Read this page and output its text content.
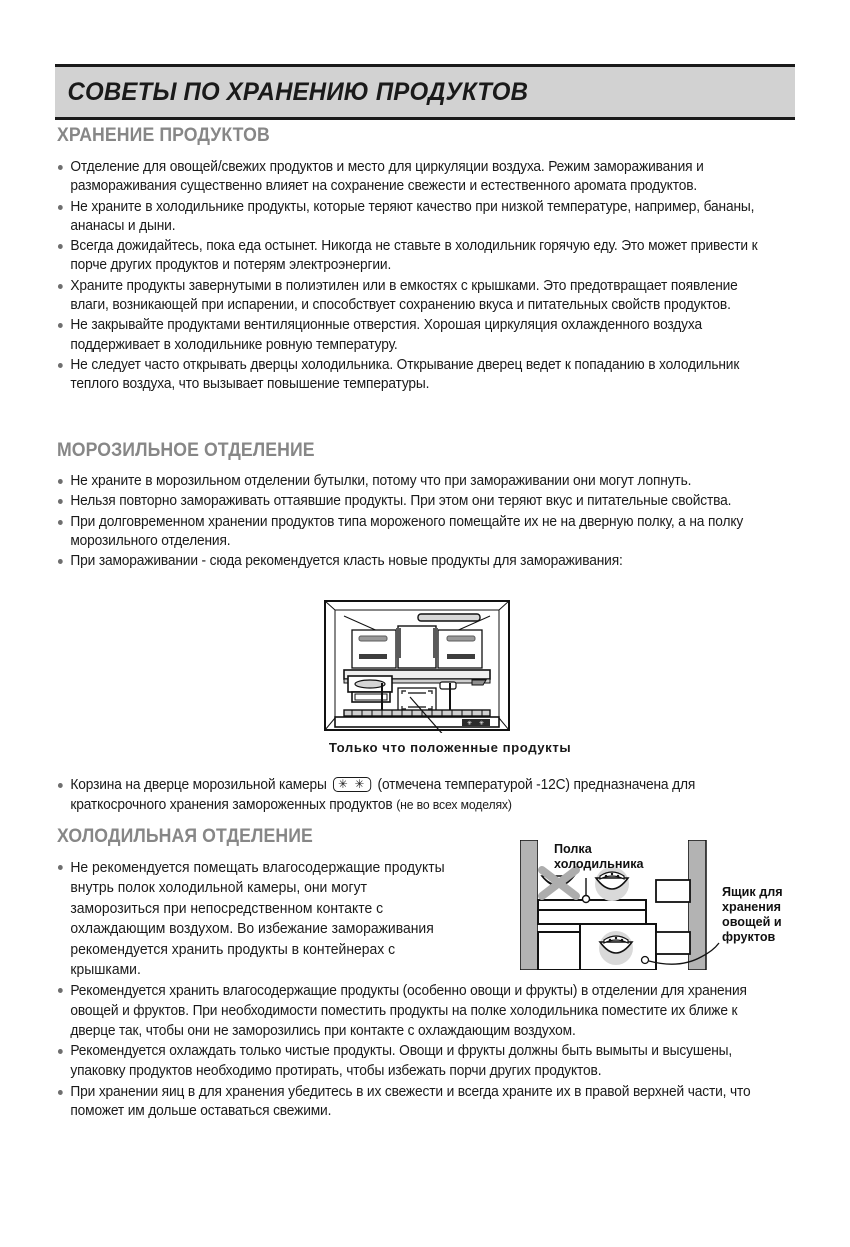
СОВЕТЫ ПО ХРАНЕНИЮ ПРОДУКТОВ
ХРАНЕНИЕ ПРОДУКТОВ
Отделение для овощей/свежих продуктов и место для циркуляции воздуха. Режим замораживания и размораживания существенно влияет на сохранение свежести и естественного аромата продуктов.
Не храните в холодильнике продукты, которые теряют качество при низкой температуре, например, бананы, ананасы и дыни.
Всегда дожидайтесь, пока еда остынет. Никогда не ставьте в холодильник горячую еду. Это может привести к порче других продуктов и потерям электроэнергии.
Храните продукты завернутыми в полиэтилен или в емкостях с крышками. Это предотвращает появление влаги, возникающей при испарении, и способствует сохранению вкуса и питательных свойств продуктов.
Не закрывайте продуктами вентиляционные отверстия. Хорошая циркуляция охлажденного воздуха поддерживает в холодильнике ровную температуру.
Не следует часто открывать дверцы холодильника. Открывание дверец ведет к попаданию в холодильник теплого воздуха, что вызывает повышение температуры.
МОРОЗИЛЬНОЕ ОТДЕЛЕНИЕ
Не храните в морозильном отделении бутылки, потому что при замораживании они могут лопнуть.
Нельзя повторно замораживать оттаявшие продукты. При этом они теряют вкус и питательные свойства.
При долговременном хранении продуктов типа мороженого помещайте их не на дверную полку, а на полку морозильного отделения.
При замораживании - сюда рекомендуется класть новые продукты для замораживания:
✳ ✳
Только что положенные продукты
Корзина на дверце морозильной камеры ✳ ✳ (отмечена температурой -12С) предназначена для краткосрочного хранения замороженных продуктов (не во всех моделях)
ХОЛОДИЛЬНАЯ ОТДЕЛЕНИЕ
Не рекомендуется помещать влагосодержащие продукты внутрь полок холодильной камеры, они могут заморозиться при непосредственном контакте с охлаждающим воздухом. Во избежание замораживания рекомендуется хранить продукты в контейнерах с крышками.
Рекомендуется хранить влагосодержащие продукты (особенно овощи и фрукты) в отделении для хранения овощей и фруктов. При необходимости поместить продукты на полке холодильника поместите их ближе к дверце так, чтобы они не заморозились при контакте с охлаждающим воздухом.
Рекомендуется охлаждать только чистые продукты. Овощи и фрукты должны быть вымыты и высушены, упаковку продуктов необходимо протирать, чтобы избежать порчи других продуктов.
При хранении яиц в для хранения убедитесь в их свежести и всегда храните их в правой верхней части, что поможет им дольше оставаться свежими.
Полка
холодильника
Ящик для
хранения
овощей и
фруктов
